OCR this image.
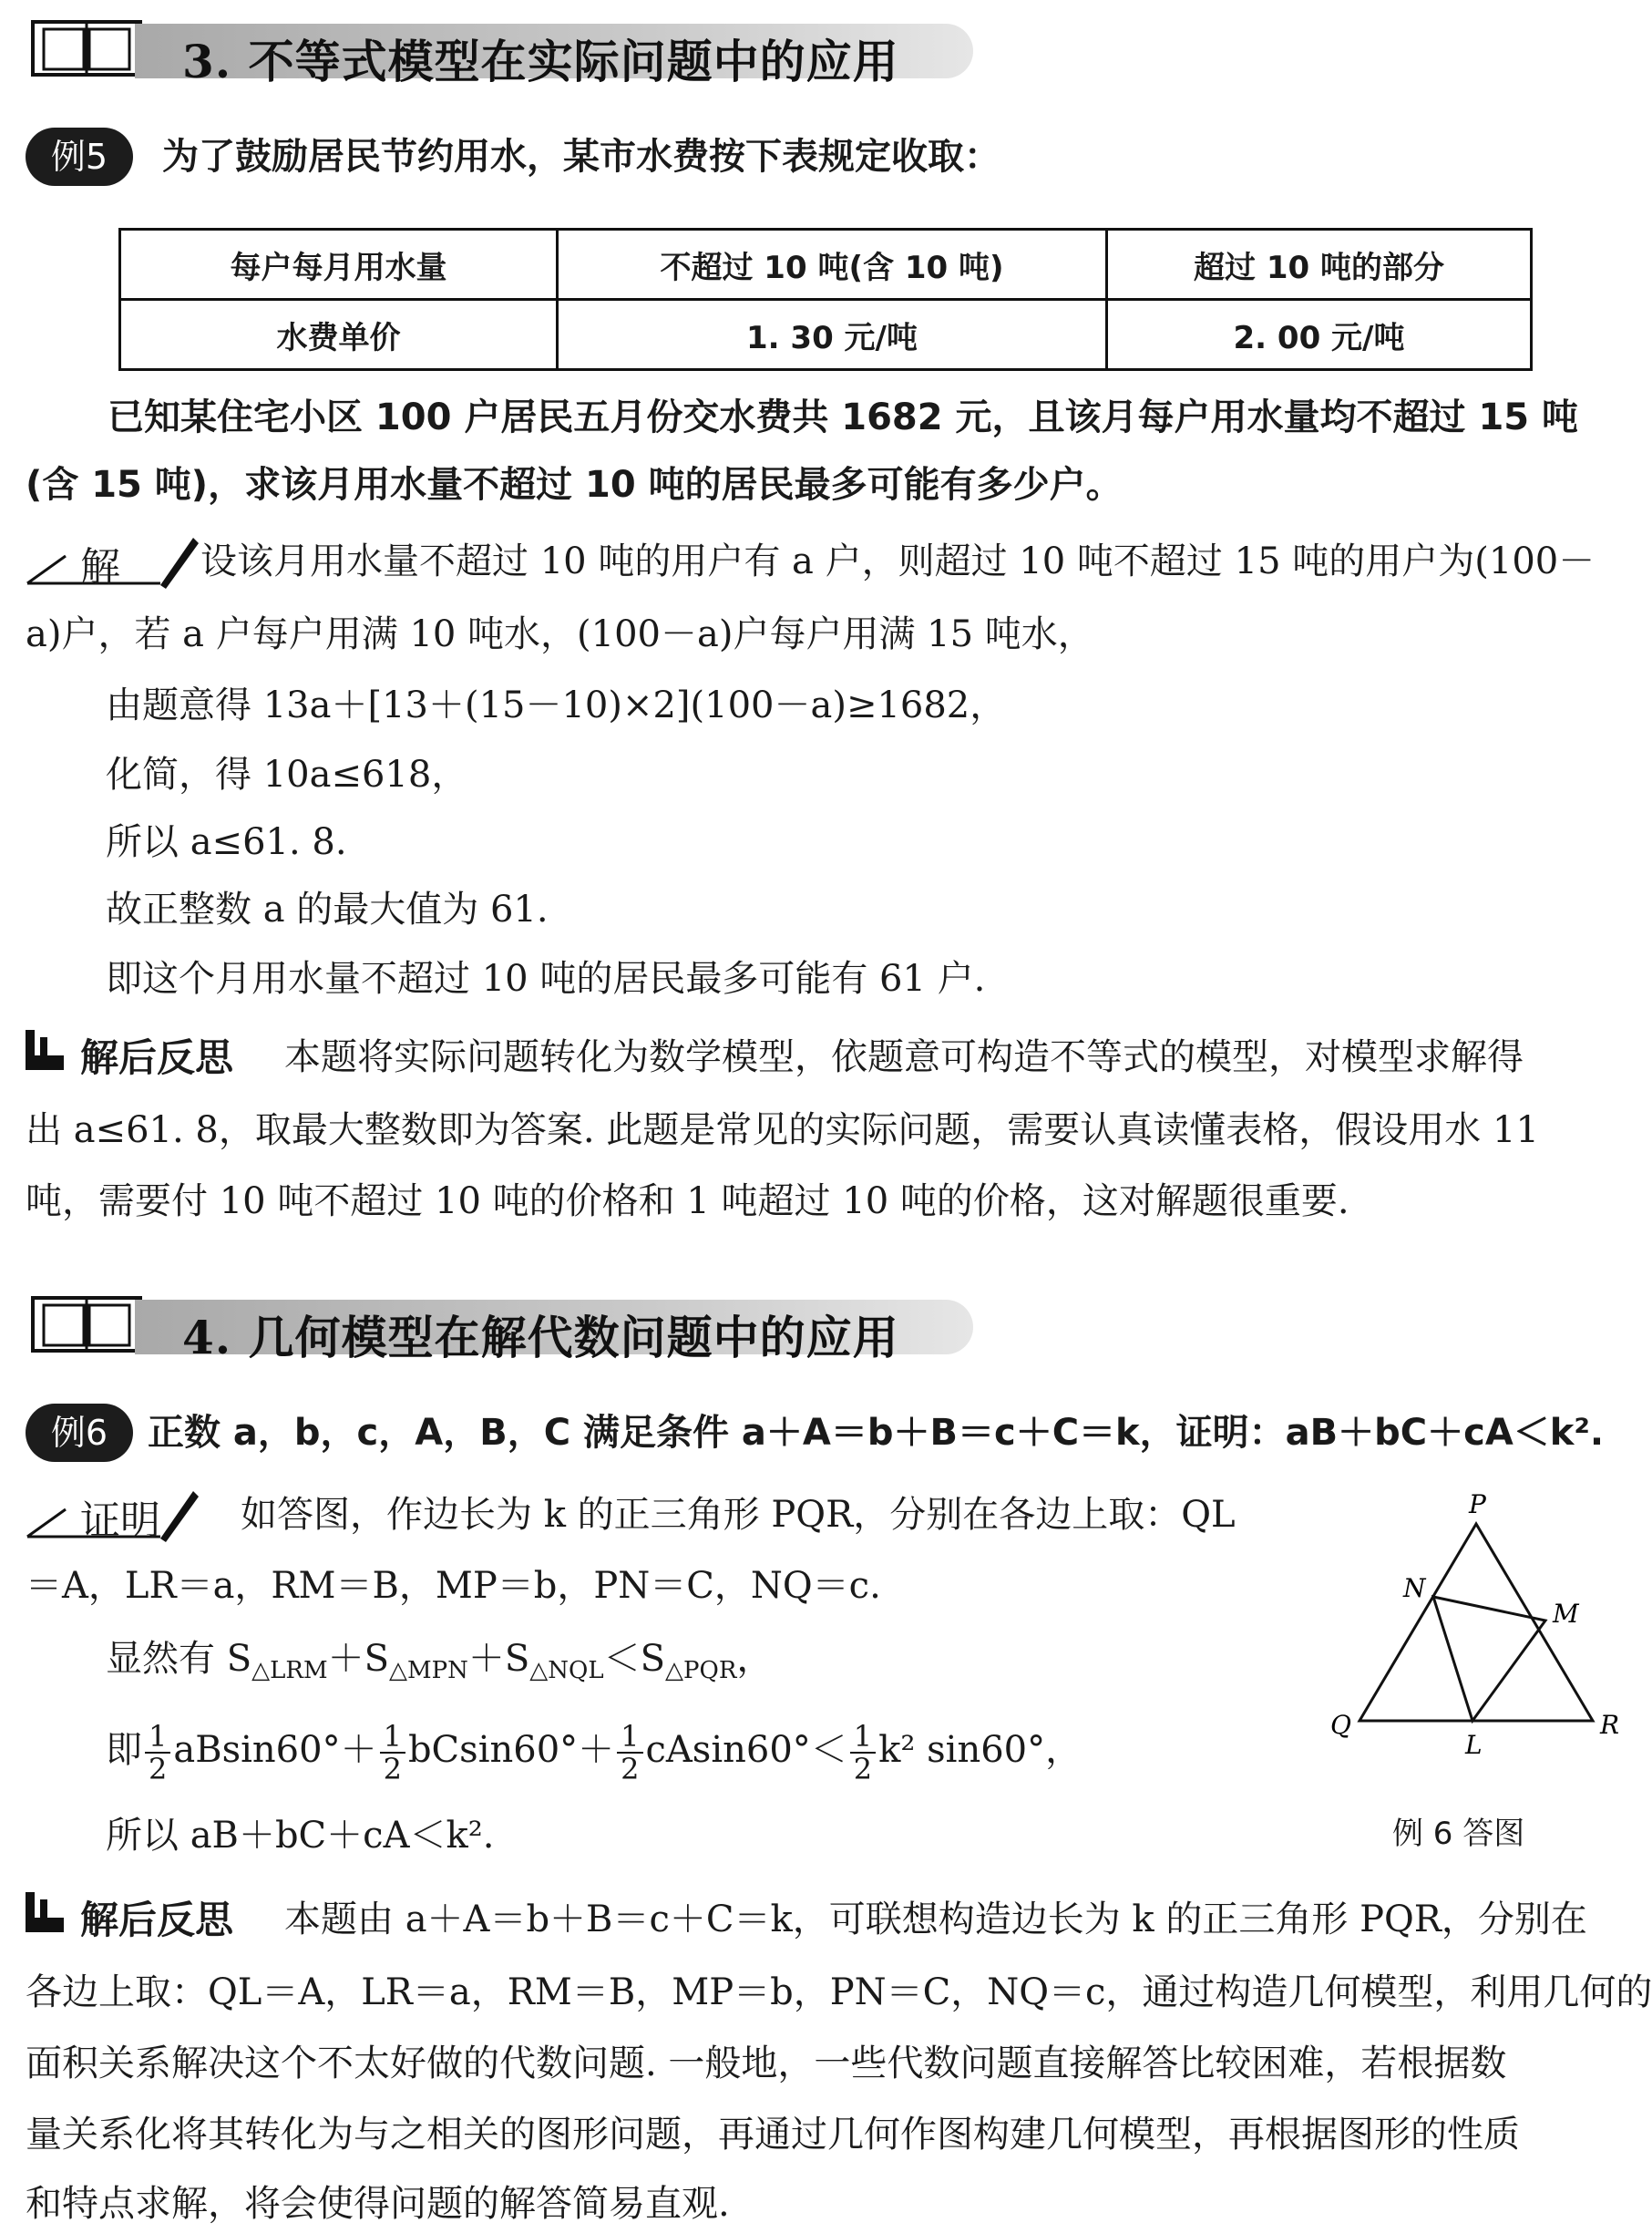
3. 不等式模型在实际问题中的应用
例5	为了鼓励居民节约用水，某市水费按下表规定收取：
每户每月用水量	不超过 10 吨(含 10 吨)	超过 10 吨的部分
水费单价	1. 30 元/吨	2. 00 元/吨
已知某住宅小区 100 户居民五月份交水费共 1682 元，且该月每户用水量均不超过 15 吨
(含 15 吨)，求该月用水量不超过 10 吨的居民最多可能有多少户。
解 设该月用水量不超过 10 吨的用户有 a 户，则超过 10 吨不超过 15 吨的用户为(100－
a)户，若 a 户每户用满 10 吨水，(100－a)户每户用满 15 吨水，
由题意得 13a＋[13＋(15－10)×2](100－a)≥1682，
化简，得 10a≤618，
所以 a≤61. 8.
故正整数 a 的最大值为 61.
即这个月用水量不超过 10 吨的居民最多可能有 61 户.
解后反思 本题将实际问题转化为数学模型，依题意可构造不等式的模型，对模型求解得
出 a≤61. 8，取最大整数即为答案. 此题是常见的实际问题，需要认真读懂表格，假设用水 11
吨，需要付 10 吨不超过 10 吨的价格和 1 吨超过 10 吨的价格，这对解题很重要.
4. 几何模型在解代数问题中的应用
例6	正数 a，b，c，A，B，C 满足条件 a＋A＝b＋B＝c＋C＝k，证明：aB＋bC＋cA＜k².
证明 如答图，作边长为 k 的正三角形 PQR，分别在各边上取：QL
＝A，LR＝a，RM＝B，MP＝b，PN＝C，NQ＝c.
显然有 $S_{\triangle LRM}+S_{\triangle MPN}+S_{\triangle NQL}<S_{\triangle PQR}$，
即 $\frac{1}{2} aBsin60^\circ+ \frac{1}{2} bCsin60^\circ+ \frac{1}{2} cAsin60^\circ< \frac{1}{2} k^2$ sin60°，
所以 aB＋bC＋cA＜k².
P
Q	R
N
M
L
例 6 答图
解后反思 本题由 a＋A＝b＋B＝c＋C＝k，可联想构造边长为 k 的正三角形 PQR，分别在
各边上取：QL＝A，LR＝a，RM＝B，MP＝b，PN＝C，NQ＝c，通过构造几何模型，利用几何的
面积关系解决这个不太好做的代数问题. 一般地，一些代数问题直接解答比较困难，若根据数
量关系化将其转化为与之相关的图形问题，再通过几何作图构建几何模型，再根据图形的性质
和特点求解，将会使得问题的解答简易直观.
